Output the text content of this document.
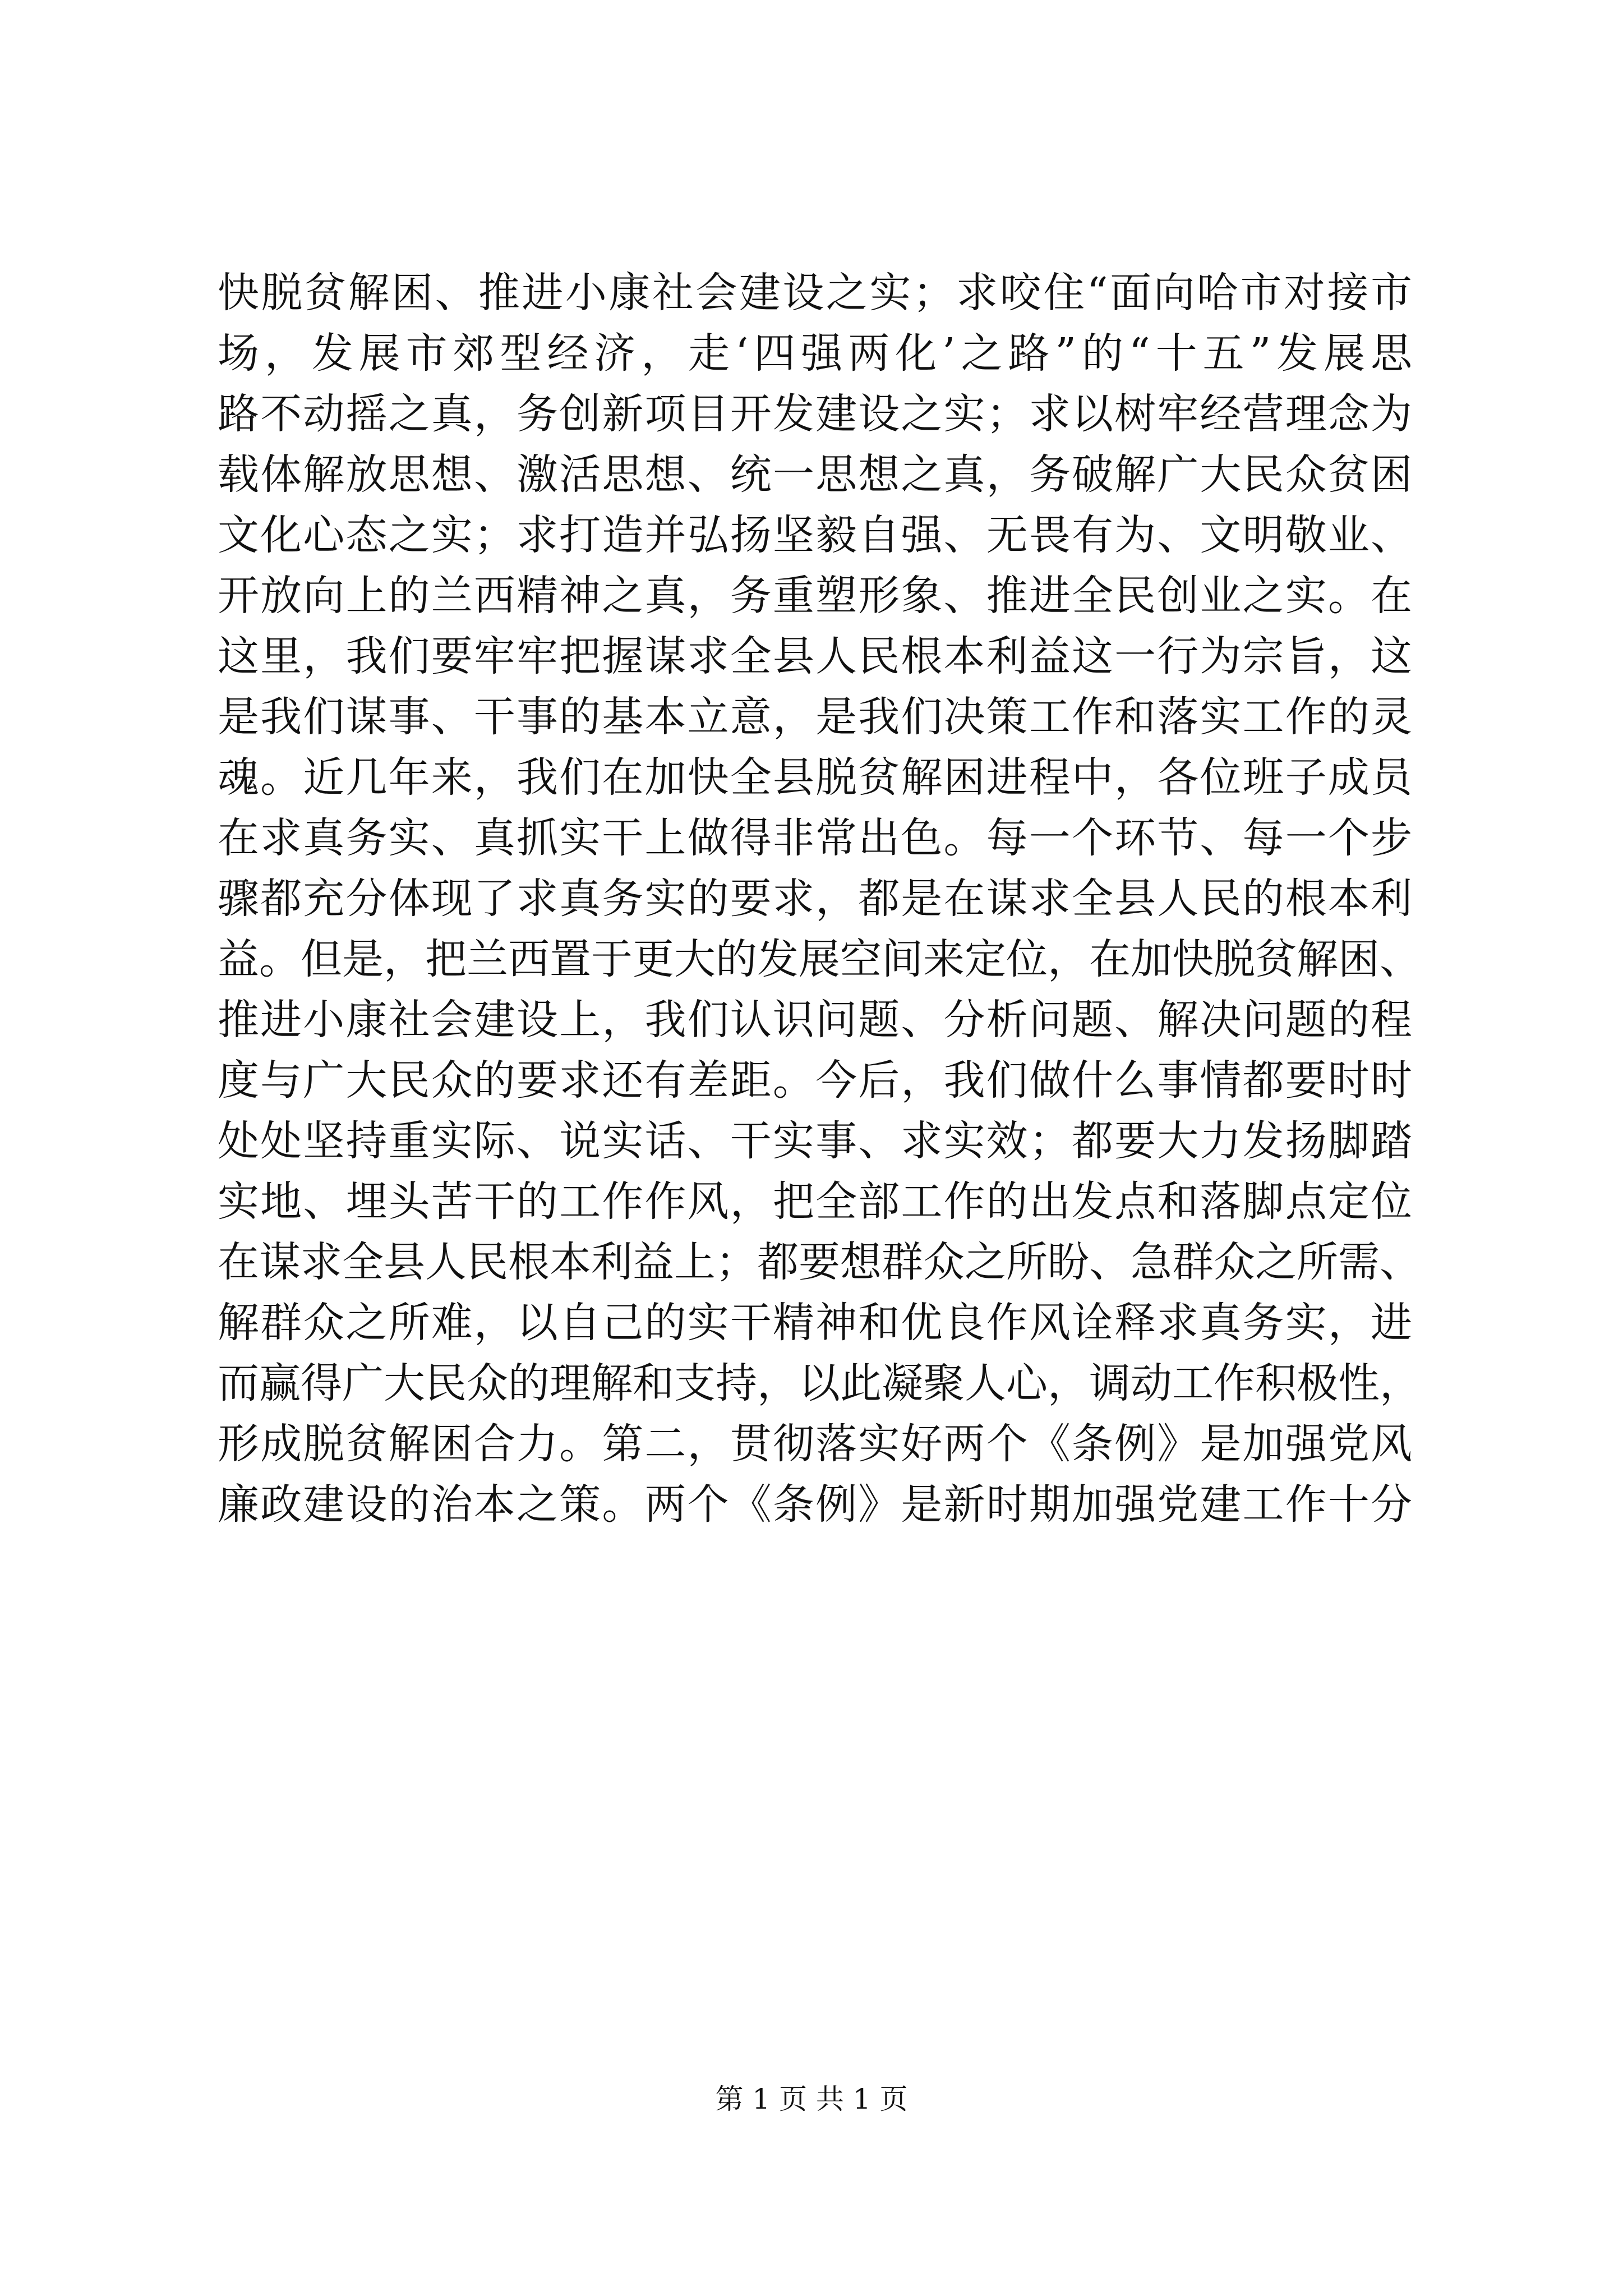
快脱贫解困、推进小康社会建设之实；求咬住“面向哈市对接市
场，发展市郊型经济，走‘四强两化’之路”的“十五”发展思
路不动摇之真，务创新项目开发建设之实；求以树牢经营理念为
载体解放思想、激活思想、统一思想之真，务破解广大民众贫困
文化心态之实；求打造并弘扬坚毅自强、无畏有为、文明敬业、
开放向上的兰西精神之真，务重塑形象、推进全民创业之实。在
这里，我们要牢牢把握谋求全县人民根本利益这一行为宗旨，这
是我们谋事、干事的基本立意，是我们决策工作和落实工作的灵
魂。近几年来，我们在加快全县脱贫解困进程中，各位班子成员
在求真务实、真抓实干上做得非常出色。每一个环节、每一个步
骤都充分体现了求真务实的要求，都是在谋求全县人民的根本利
益。但是，把兰西置于更大的发展空间来定位，在加快脱贫解困、
推进小康社会建设上，我们认识问题、分析问题、解决问题的程
度与广大民众的要求还有差距。今后，我们做什么事情都要时时
处处坚持重实际、说实话、干实事、求实效；都要大力发扬脚踏
实地、埋头苦干的工作作风，把全部工作的出发点和落脚点定位
在谋求全县人民根本利益上；都要想群众之所盼、急群众之所需、
解群众之所难，以自己的实干精神和优良作风诠释求真务实，进
而赢得广大民众的理解和支持，以此凝聚人心，调动工作积极性，
形成脱贫解困合力。第二，贯彻落实好两个《条例》是加强党风
廉政建设的治本之策。两个《条例》是新时期加强党建工作十分
第 1 页 共 1 页
